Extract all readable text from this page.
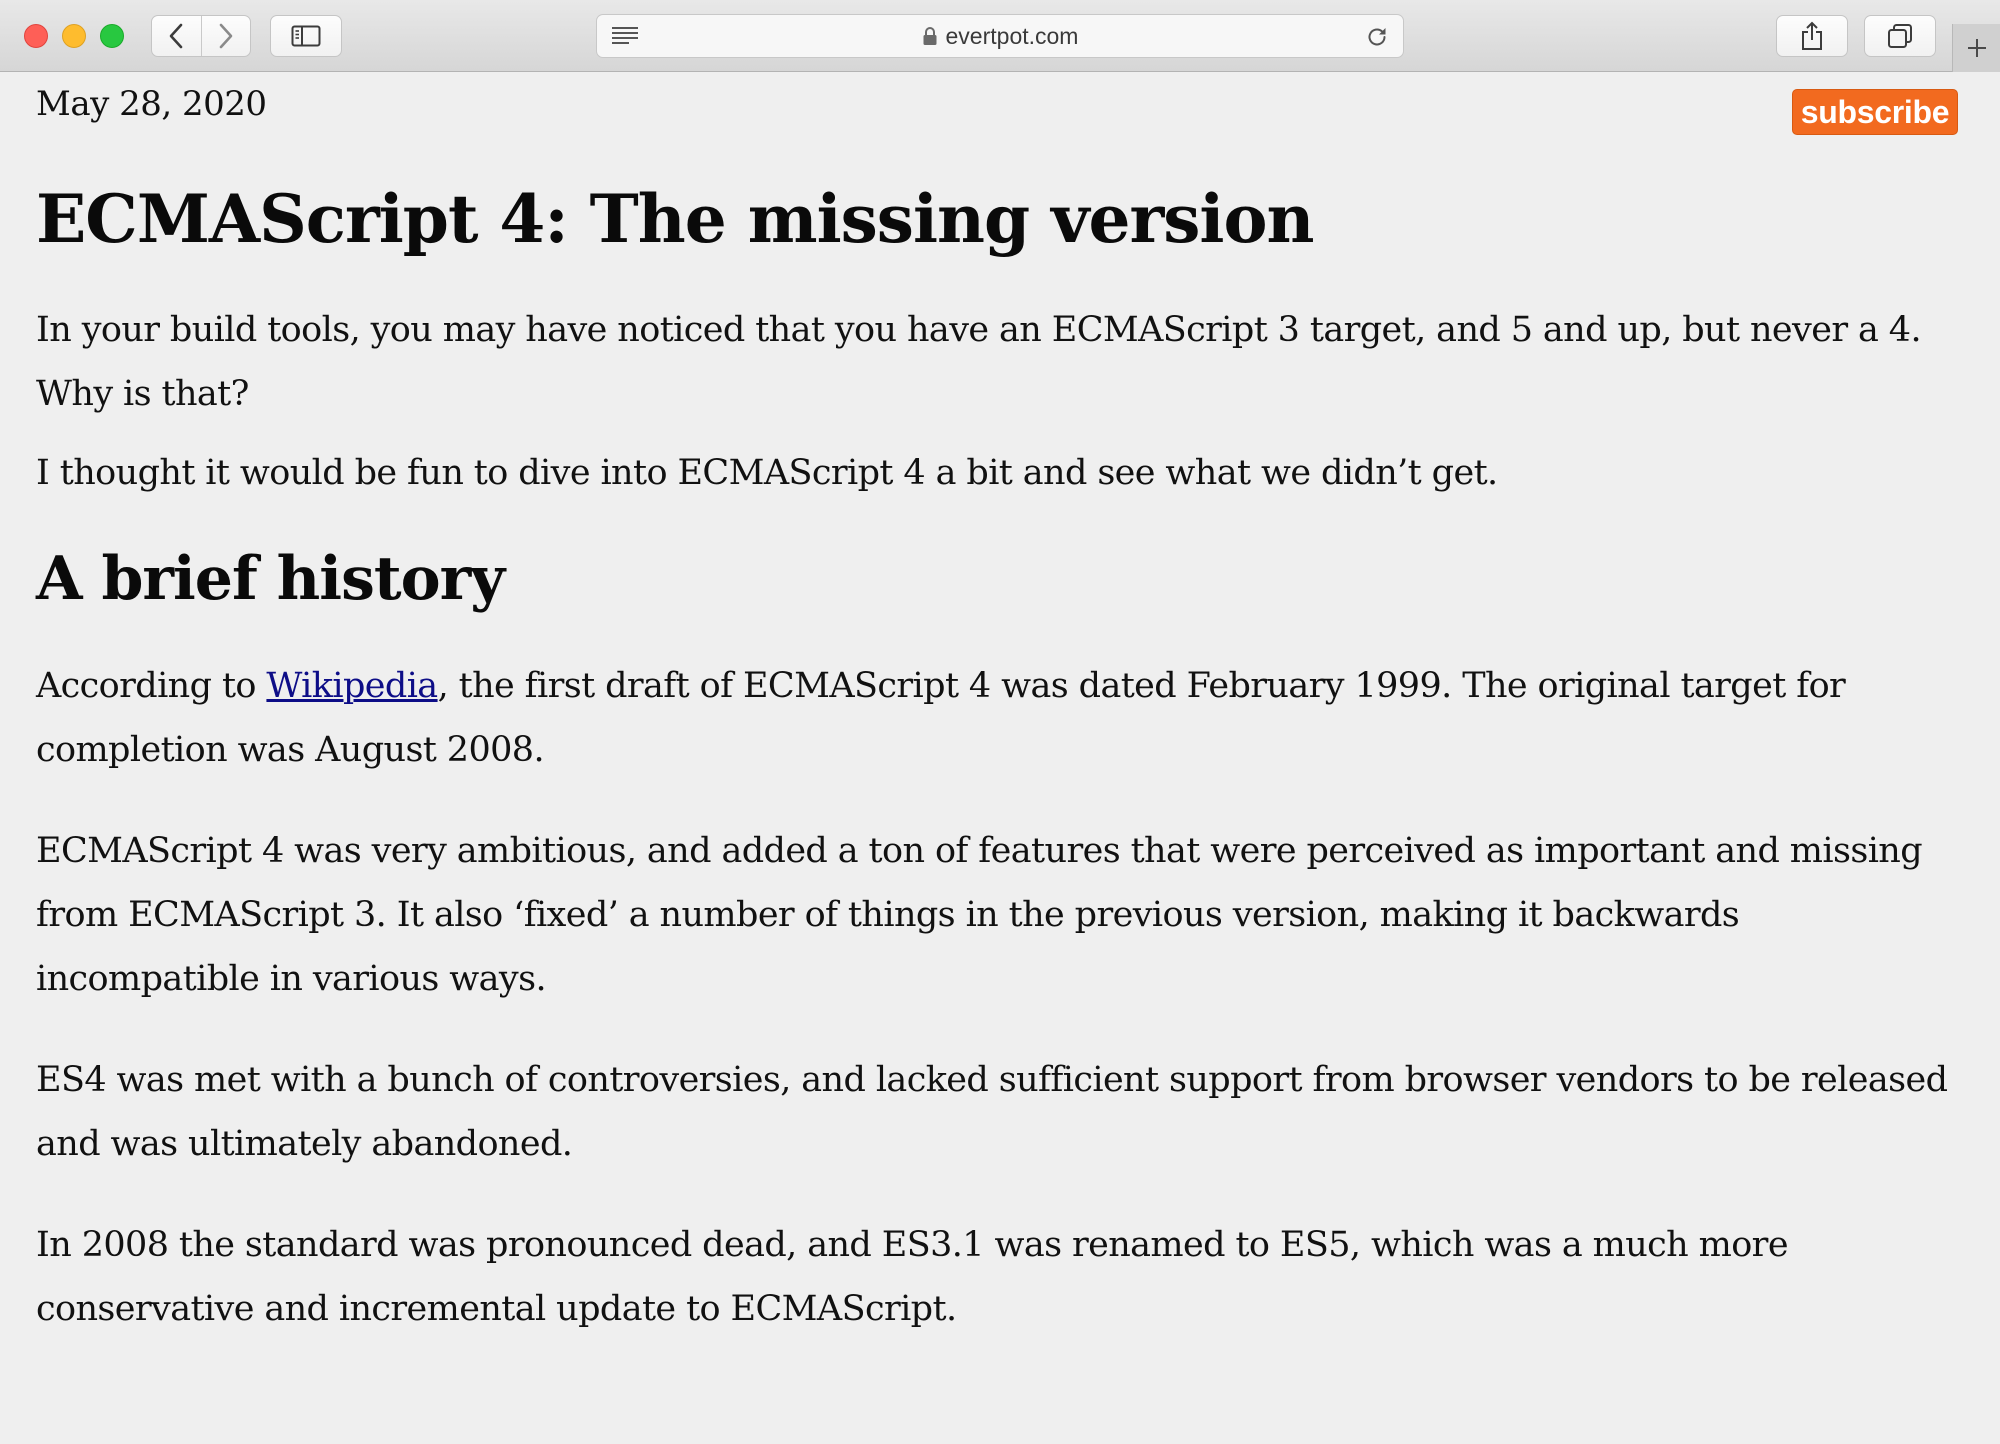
evertpot.com
May 28, 2020	subscribe
ECMAScript 4: The missing version

In your build tools, you may have noticed that you have an ECMAScript 3 target, and 5 and up, but never a 4. Why is that?

I thought it would be fun to dive into ECMAScript 4 a bit and see what we didn’t get.

A brief history

According to Wikipedia, the first draft of ECMAScript 4 was dated February 1999. The original target for completion was August 2008.

ECMAScript 4 was very ambitious, and added a ton of features that were perceived as important and missing from ECMAScript 3. It also ‘fixed’ a number of things in the previous version, making it backwards incompatible in various ways.

ES4 was met with a bunch of controversies, and lacked sufficient support from browser vendors to be released and was ultimately abandoned.

In 2008 the standard was pronounced dead, and ES3.1 was renamed to ES5, which was a much more conservative and incremental update to ECMAScript.
